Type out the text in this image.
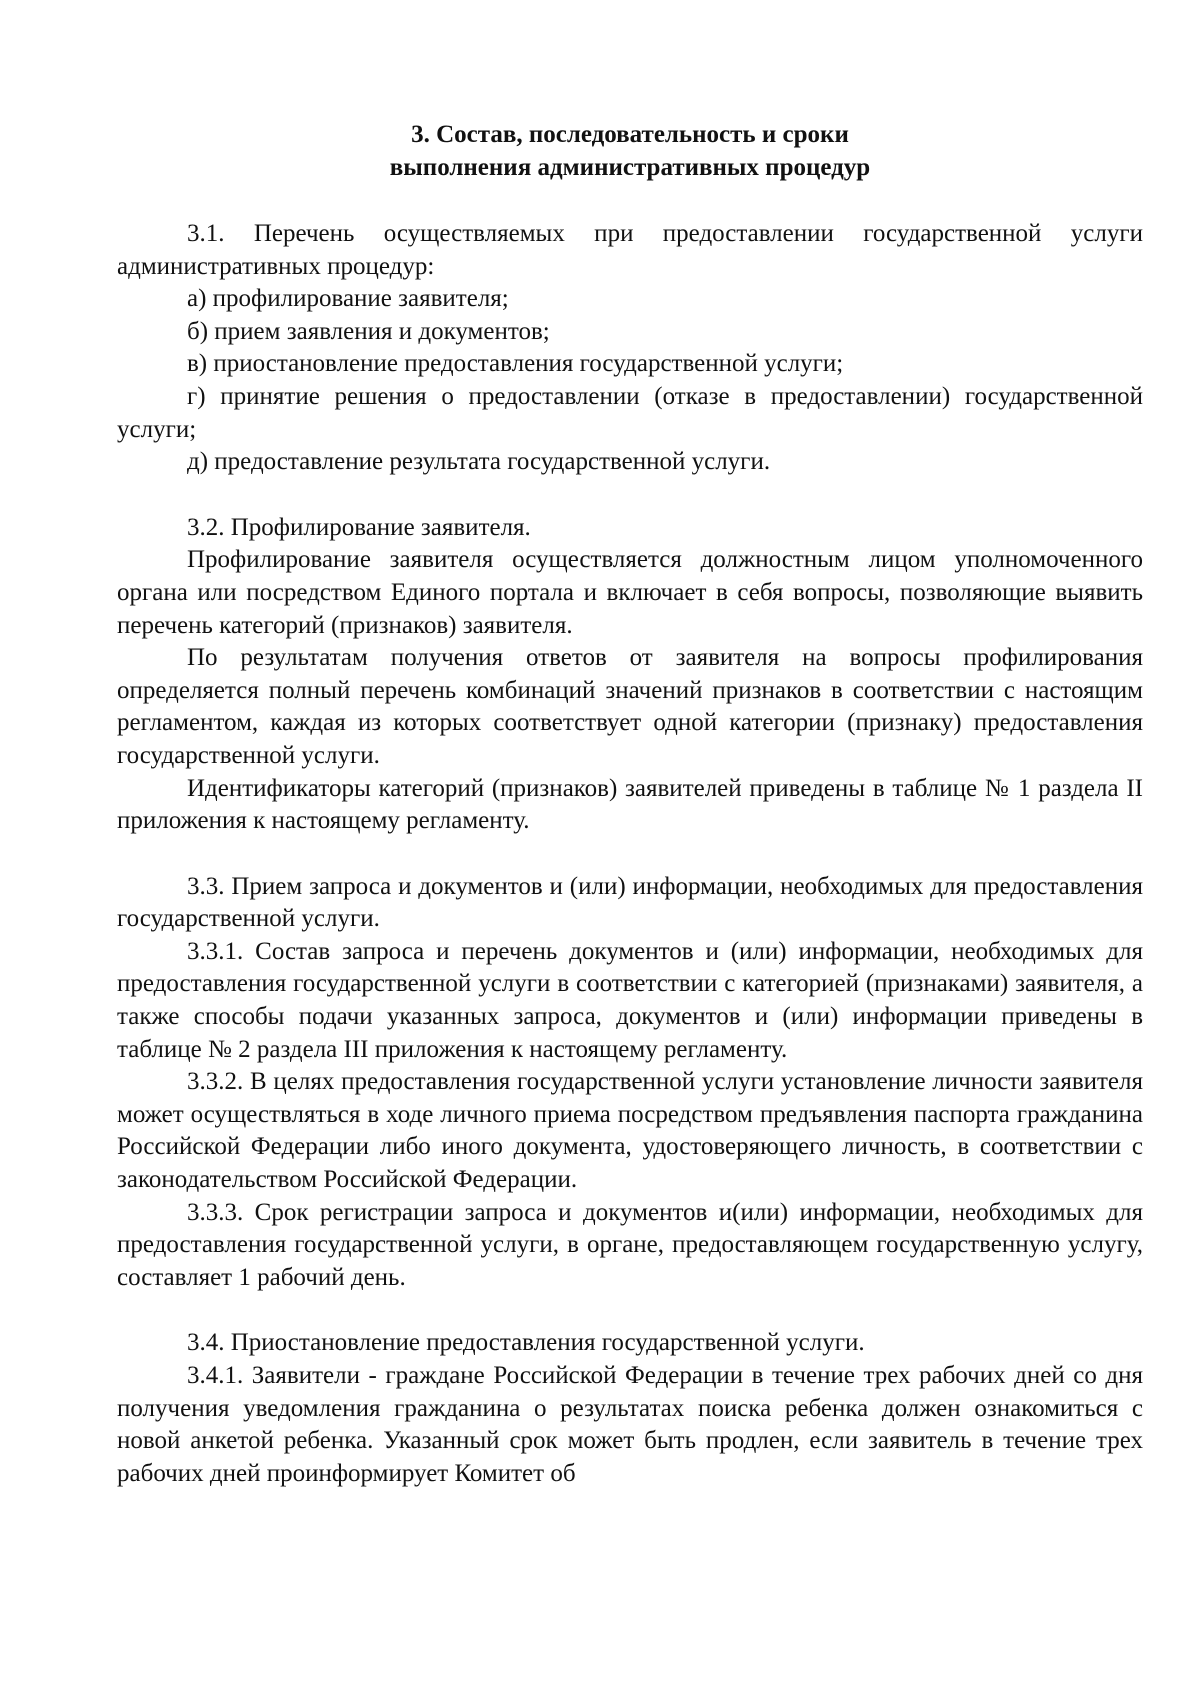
3. Состав, последовательность и сроки
выполнения административных процедур

3.1. Перечень осуществляемых при предоставлении государственной услуги административных процедур:

а) профилирование заявителя;

б) прием заявления и документов;

в) приостановление предоставления государственной услуги;

г) принятие решения о предоставлении (отказе в предоставлении) государственной услуги;

д) предоставление результата государственной услуги.

3.2. Профилирование заявителя.

Профилирование заявителя осуществляется должностным лицом уполномоченного органа или посредством Единого портала и включает в себя вопросы, позволяющие выявить перечень категорий (признаков) заявителя.

По результатам получения ответов от заявителя на вопросы профилирования определяется полный перечень комбинаций значений признаков в соответствии с настоящим регламентом, каждая из которых соответствует одной категории (признаку) предоставления государственной услуги.

Идентификаторы категорий (признаков) заявителей приведены в таблице № 1 раздела II приложения к настоящему регламенту.

3.3. Прием запроса и документов и (или) информации, необходимых для предоставления государственной услуги.

3.3.1. Состав запроса и перечень документов и (или) информации, необходимых для предоставления государственной услуги в соответствии с категорией (признаками) заявителя, а также способы подачи указанных запроса, документов и (или) информации приведены в таблице № 2 раздела III приложения к настоящему регламенту.

3.3.2. В целях предоставления государственной услуги установление личности заявителя может осуществляться в ходе личного приема посредством предъявления паспорта гражданина Российской Федерации либо иного документа, удостоверяющего личность, в соответствии с законодательством Российской Федерации.

3.3.3. Срок регистрации запроса и документов и(или) информации, необходимых для предоставления государственной услуги, в органе, предоставляющем государственную услугу, составляет 1 рабочий день.

3.4. Приостановление предоставления государственной услуги.

3.4.1. Заявители - граждане Российской Федерации в течение трех рабочих дней со дня получения уведомления гражданина о результатах поиска ребенка должен ознакомиться с новой анкетой ребенка. Указанный срок может быть продлен, если заявитель в течение трех рабочих дней проинформирует Комитет об
